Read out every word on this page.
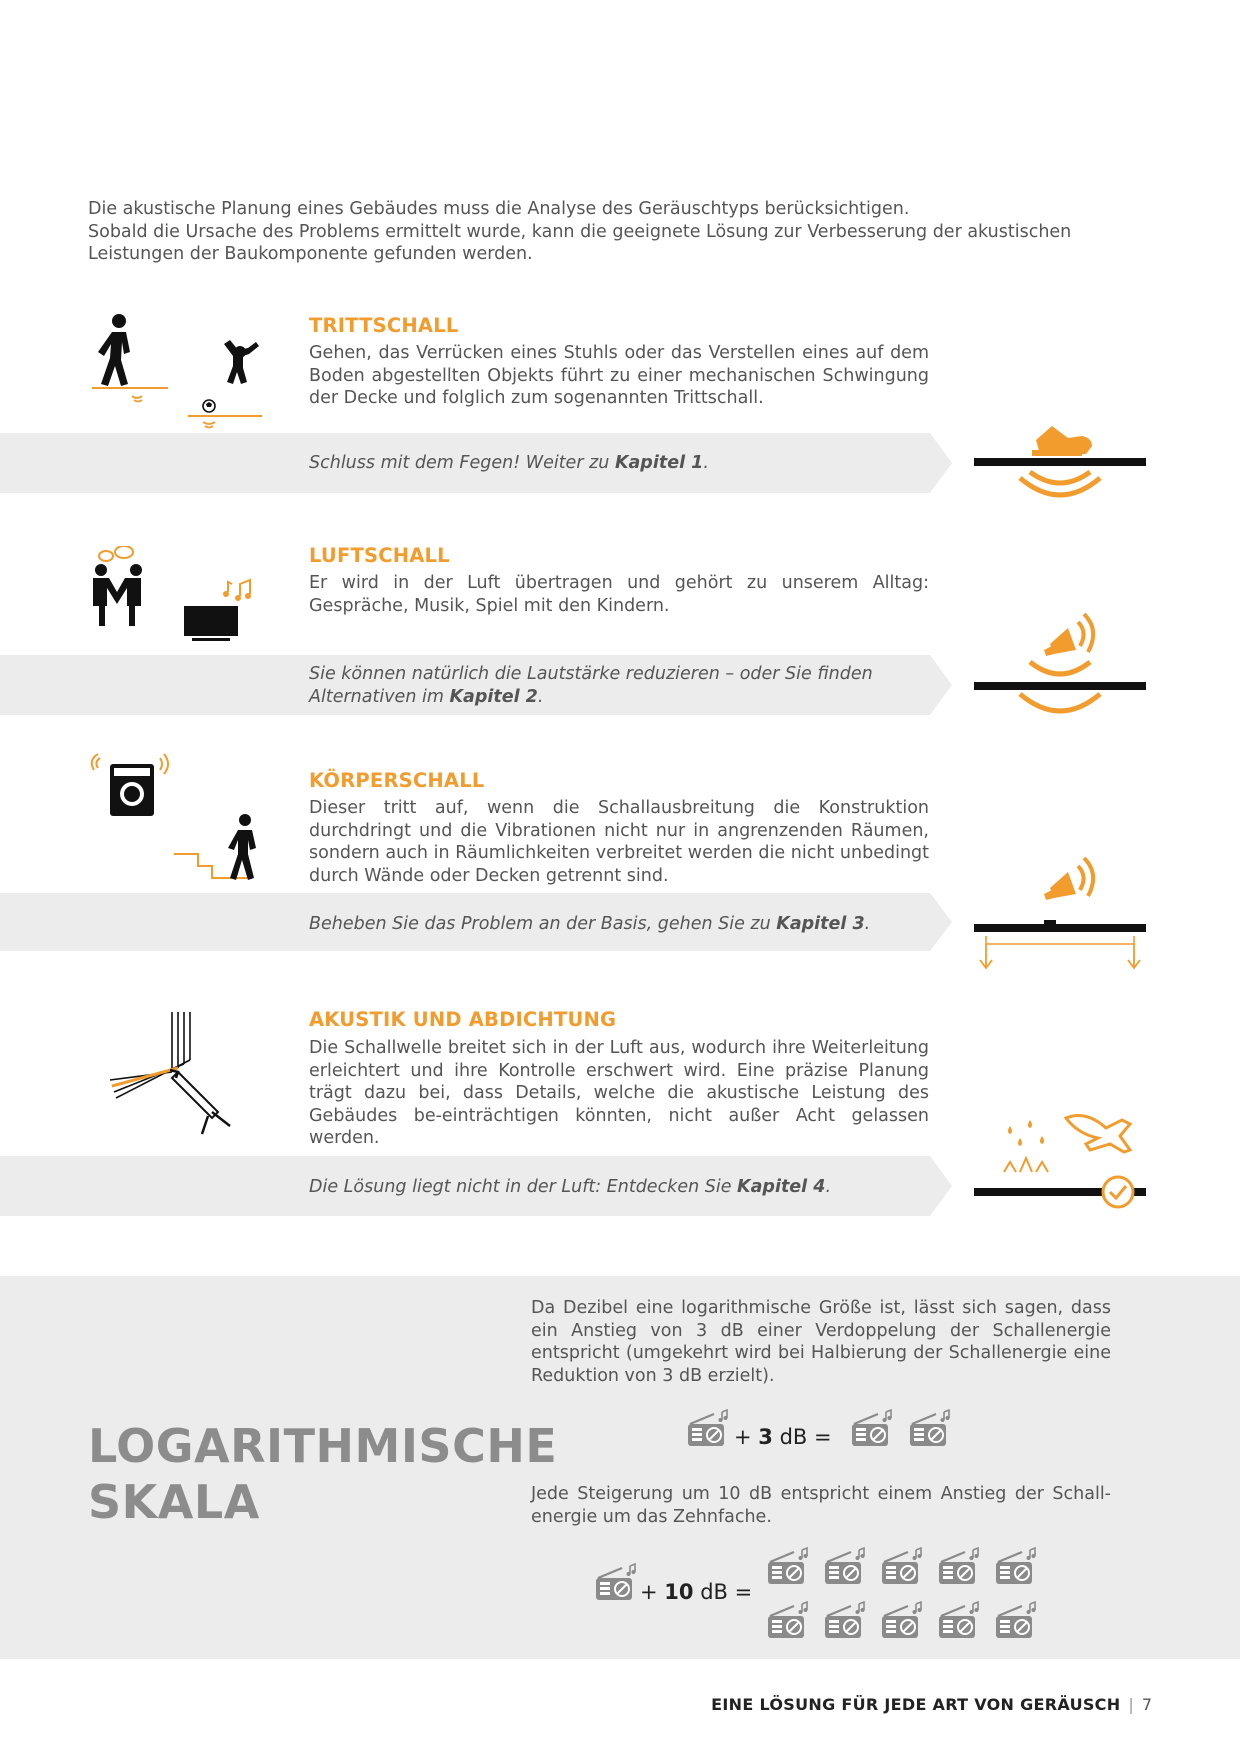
Die akustische Planung eines Gebäudes muss die Analyse des Geräuschtyps berücksichtigen.
Sobald die Ursache des Problems ermittelt wurde, kann die geeignete Lösung zur Verbesserung der akustischen Leistungen der Baukomponente gefunden werden.
TRITTSCHALL
Gehen, das Verrücken eines Stuhls oder das Verstellen eines auf dem Boden abgestellten Objekts führt zu einer mechanischen Schwingung der Decke und folglich zum sogenannten Trittschall.
Schluss mit dem Fegen! Weiter zu Kapitel 1.
LUFTSCHALL
Er wird in der Luft übertragen und gehört zu unserem Alltag: Gespräche, Musik, Spiel mit den Kindern.
Sie können natürlich die Lautstärke reduzieren – oder Sie finden Alternativen im Kapitel 2.
KÖRPERSCHALL
Dieser tritt auf, wenn die Schallausbreitung die Konstruktion durchdringt und die Vibrationen nicht nur in angrenzenden Räumen, sondern auch in Räumlichkeiten verbreitet werden die nicht unbedingt durch Wände oder Decken getrennt sind.
Beheben Sie das Problem an der Basis, gehen Sie zu Kapitel 3.
AKUSTIK UND ABDICHTUNG
Die Schallwelle breitet sich in der Luft aus, wodurch ihre Weiterleitung erleichtert und ihre Kontrolle erschwert wird. Eine präzise Planung trägt dazu bei, dass Details, welche die akustische Leistung des Gebäudes be-einträchtigen könnten, nicht außer Acht gelassen werden.
Die Lösung liegt nicht in der Luft: Entdecken Sie Kapitel 4.
LOGARITHMISCHE
SKALA
Da Dezibel eine logarithmische Größe ist, lässt sich sagen, dass ein Anstieg von 3 dB einer Verdoppelung der Schallenergie entspricht (umgekehrt wird bei Halbierung der Schallenergie eine Reduktion von 3 dB erzielt).
+ 3 dB =
Jede Steigerung um 10 dB entspricht einem Anstieg der Schall-energie um das Zehnfache.
+ 10 dB =
EINE LÖSUNG FÜR JEDE ART VON GERÄUSCH | 7
